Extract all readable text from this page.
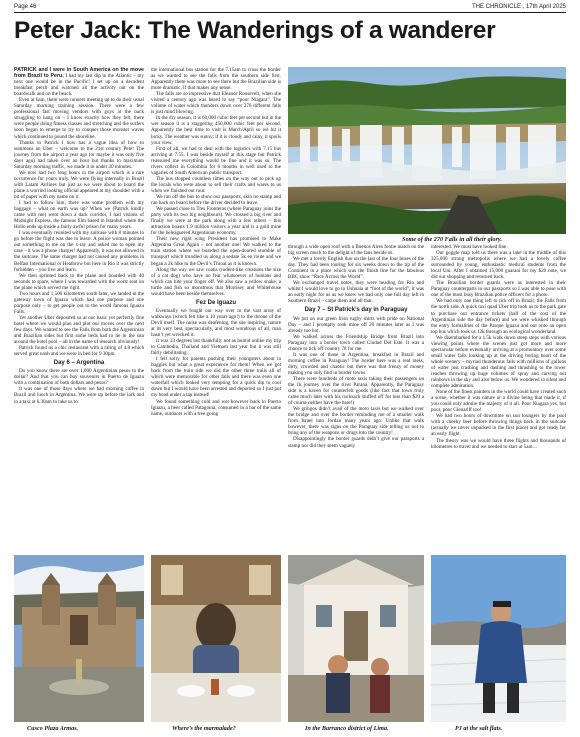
Page 46	THE CHRONICLE , 17th April 2025
Peter Jack: The Wanderings of a wanderer

PATRICK and I were in South America on the move from Brazil to Peru. I had my last dip in the Atlantic – my next one would be in the Pacific! I set up on a decadent breakfast perch and watched all the activity out on the boardwalk and on the beach.

Even at 6am, there were runners meeting up to do their usual Saturday morning training session. There were a few professional fast moving vendors with guys at the back struggling to hang on – I know exactly how they felt; there were people doing fitness classes and stretching and the surfers soon began to emerge to try to conquer those monster waves which continued to pound the shoreline.

Thanks to Patrick I now has a vague idea of how to summons an Uber – welcome to the 21st century Pete! The journey from the airport a year ago (or maybe it was only five days ago) had taken over an hour but thanks to maximum Saturday morning traffic, we made it in under 30 minutes.

We now had two long hours in the airport which is a rare occurrence for yours truly. We were flying internally in Brazil with Latam Airlines but just as we were about to board the plane a worried looking official appeared at my shoulder with a bit of paper with my name on it.

I had to follow him, there was some problem with my baggage – what on earth was up? When we (Patrick kindly came with me) went down a dark corridor, I had visions of Midnight Express, the famous film based in Istanbul where the Hollo ends up inside a fairly awful prison for many years.

I was eventually reunited with my suitcase with 8 minutes to go before the flight was due to leave. A police woman pointed out something to me on the x-ray and asked me to open my case – it was a phone charger! Apparently, it was not allowed in the suitcase. The same charger had not caused any problems in Belfast International or Heathrow but here in Rio it was strictly forbidden – you live and learn.

We then sprinted back to the plane and boarded with 40 seconds to spare, where I was rewarded with the worst seat on the plane which served me right.

Two hours and 1,500 kilometres south later, we landed in the gateway town of Iguazu which had one purpose and one purpose only – to get people out to the world famous Iguazu Falls.

Yet another Uber deposited us at our basic yet perfectly fine hotel where we would plan and plot our moves over the next few days. We wanted to see the Falls from both the Argentinian and Brazilian sides but first some beds had to lie in the sun around the hotel pool – all in the name of research obviously!

Patrick found us a chic restaurant with a rating of 4.8 which served great nosh and we were in bed for 9.30pm.

Day 6 – Argentina

Do you know there are over 1,000 Argentinian pesos to the dollar? And that you can buy souvenirs in Puerto de Iguazu with a combination of both dollars and pesos?

It was one of those days where we had morning coffee in Brazil and lunch in Argentina. We were up before the lark and in a taxi at 6.30am to take us to

the international bus station for the 7.15am to cross the border as we wanted to see the falls from the southern side first. Apparently there was more to see there but the Brazilian side is more dramatic, if that makes any sense.

The falls are so impressive that Eleanor Roosevelt, when she visited a century ago was heard to say “poor Niagara”. The volume of water which thunders down over 270 different falls is just mind blowing.

In the dry season, it is 60,000 cubic feet per second but in the wet season it is a staggering 450,000 cubic feet per second. Apparently the best time to visit is March/April so we hit it lucky. The weather was sunny; if it is cloudy and rainy, it spoils your view.

First of all, we had to deal with the logistics with 7.15 bus arriving at 7.55. I was beside myself at this stage but Patrick reassured me everything would be fine and it was so. The rivers collect in Colombia for 6 months in well used to the vagaries of South American public transport.

The bus stopped countless times on the way out to pick up the locals who were about to sell their crafts and wares to us when we finished our tour.

We ran off the bus to show our passports, skin no stamp and ran back on board before the driver decided to leave.

We passed close to Tres Fronteras (where Paraguay joins the party with its two big neighbours). We crossed a big river and finally we were at the park along with a few others – this attraction boasts 1.9 million visitors a year and is a gold mine for the beleaguered Argentinian economy.

Their new right wing President has promised to Make Argentina Great Again – not another one! We walked to the train station where we boarded the open-doored stumble of transport which trundled us along a sedate 5k en route and we began a 2k hike to the Devil’s Throat as it is known.

Along the way we saw coatis (rodent-like creatures the size of a cat dog) who have no fear whatsoever of humans and which can bite your finger off. We also saw a yellow snake, a turtle and fish so monstrous that Morrisey and Whitehouse would have been beside themselves.

Fez De Iguazu

Eventually we fought our way over to the vast array of walkways (which felt like a 10 years ago!) to the throne of the Devil itself. The noise was deafening, the site inspiring, nature at its very best, spectacularly, and most wondrous of all, man hasn’t yet wrecked it.

It was 33 degrees but thankfully not as humid unlike my trip to Cambodia, Thailand and Vietnam last year but it was still fairly debilitating.

I felt sorry for parents pushing their youngsters about in buggies but what a great experience for them! When we got back from the train ride we did the other three trails all of which were memorable for other falls and there was even one waterfall which looked very tempting for a quick dip to cool down but I would have been arrested and deported so I just put my head under a tap instead!

We found something cold and wet however back in Puerto Iguazu, a beer called Patagonia, consumed in a bar of the same name, outdoors with a tree going

Some of the 270 Falls in all their glory.

through a wide open roof with a Buenos Aires footie match on the big screen much to the delight of the fans beside us.

We met a lovely English duo on the last of the four buses of the day. They had been touring for six weeks down to the tip of the Continent in a place which was the finish line for the fabulous BBC show “Race Across the World”.

We exchanged travel notes, they were heading for Rio and whilst I would love to go to Ushuaia at “foot of the world”, it was an early night for us as we knew we had only one full day left in Southern Brazil – carpe diem and all that.

Day 7 – St Patrick’s day in Paraguay

We put on our green Irish rugby shirts with pride on National Day – and I promptly took mine off 20 minutes later as I was already too hot.

We walked across the Friendship Bridge from Brazil into Paraguay into a border town called Ciudad Del Este. It was a chance to tick off country 78 for me.

It was one of those in Argentina, breakfast in Brazil and morning coffee in Paraguay! The border here was a real mess, dirty, crowded and chaotic but there was that frenzy of money making you only find in border towns.

There were hundreds of moto taxis taking their passengers on the 1k journey over the river Paraná. Apparently, the Paraguay side is a haven for counterfeit goods (like fact that town truly came much later with his rucksack stuffed off for less than $20 a of course neither have the bare!)

We gringos didn’t avail of the moto taxis but we walked over the bridge and over the border reminding me of a smaller walk from Israel into Jordan many years ago. Unlike that walk however, there was signs on the Paraguay side telling us not to bring any of the weapons or drugs into the country!

Disappointingly the border guards didn’t give our passports a stamp nor did they seem vaguely

interested. We must have looked fine.

Our goggle map told us there was a lake in the middle of this 325,000 strong metropolis where we had a lovely coffee surrounded by young, enthusiastic medical students from the local Uni. After I obtained 15,000 guaraní for my $20 note, we did our shopping and returned back.

The Brazilian border guards were as interested in their Paraguay counterparts in our passports so I was able to pose with one of the most busy Brazilian police officers for a photo.

We had only one thing left to tick off in Brazil, the Falls from the north side. A quick taxi quad Uber trip took us to the park gate to purchase our entrance tickets (half of the cost of the Argentinian side the day before) and we were whisked through the entry formalities of the Parque Iguazu and out onto an open top bus which took us 12k through an ecological wonderland.

We disembarked for a 1.5k walk down steep steps with various viewing points where the scenes just got more and more spectacular before eventually arriving at a promontory over some small water falls looking up at the driving boring heart of the whole scenery – myriad thunderous falls with millions of gallons of water just crashing and dashing and thrashing to the lower reaches throwing up huge volumes of spray and carving out rainbows in the sky and also below us. We wondered in silent and complete admiration.

None of the finest painters in the world could have created such a scene, whether it was nature or a divine being that made it, if you could only admire the majesty of it all. Poor Niagara yes, but poor, poor Glenariff too!

We had two hours of downtime on sun loungers by the pool with a cheeky beer before throwing things back in the suitcase (actually we never unpacked in the first place) and got ready for an early flight.

The theory was we would have three flights and thousands of kilometres to travel and we needed to start at 5am…

Cusco Plaza Armas.	Where’s the marmalade?	In the Barranco district of Lima.	PJ at the salt flats.
